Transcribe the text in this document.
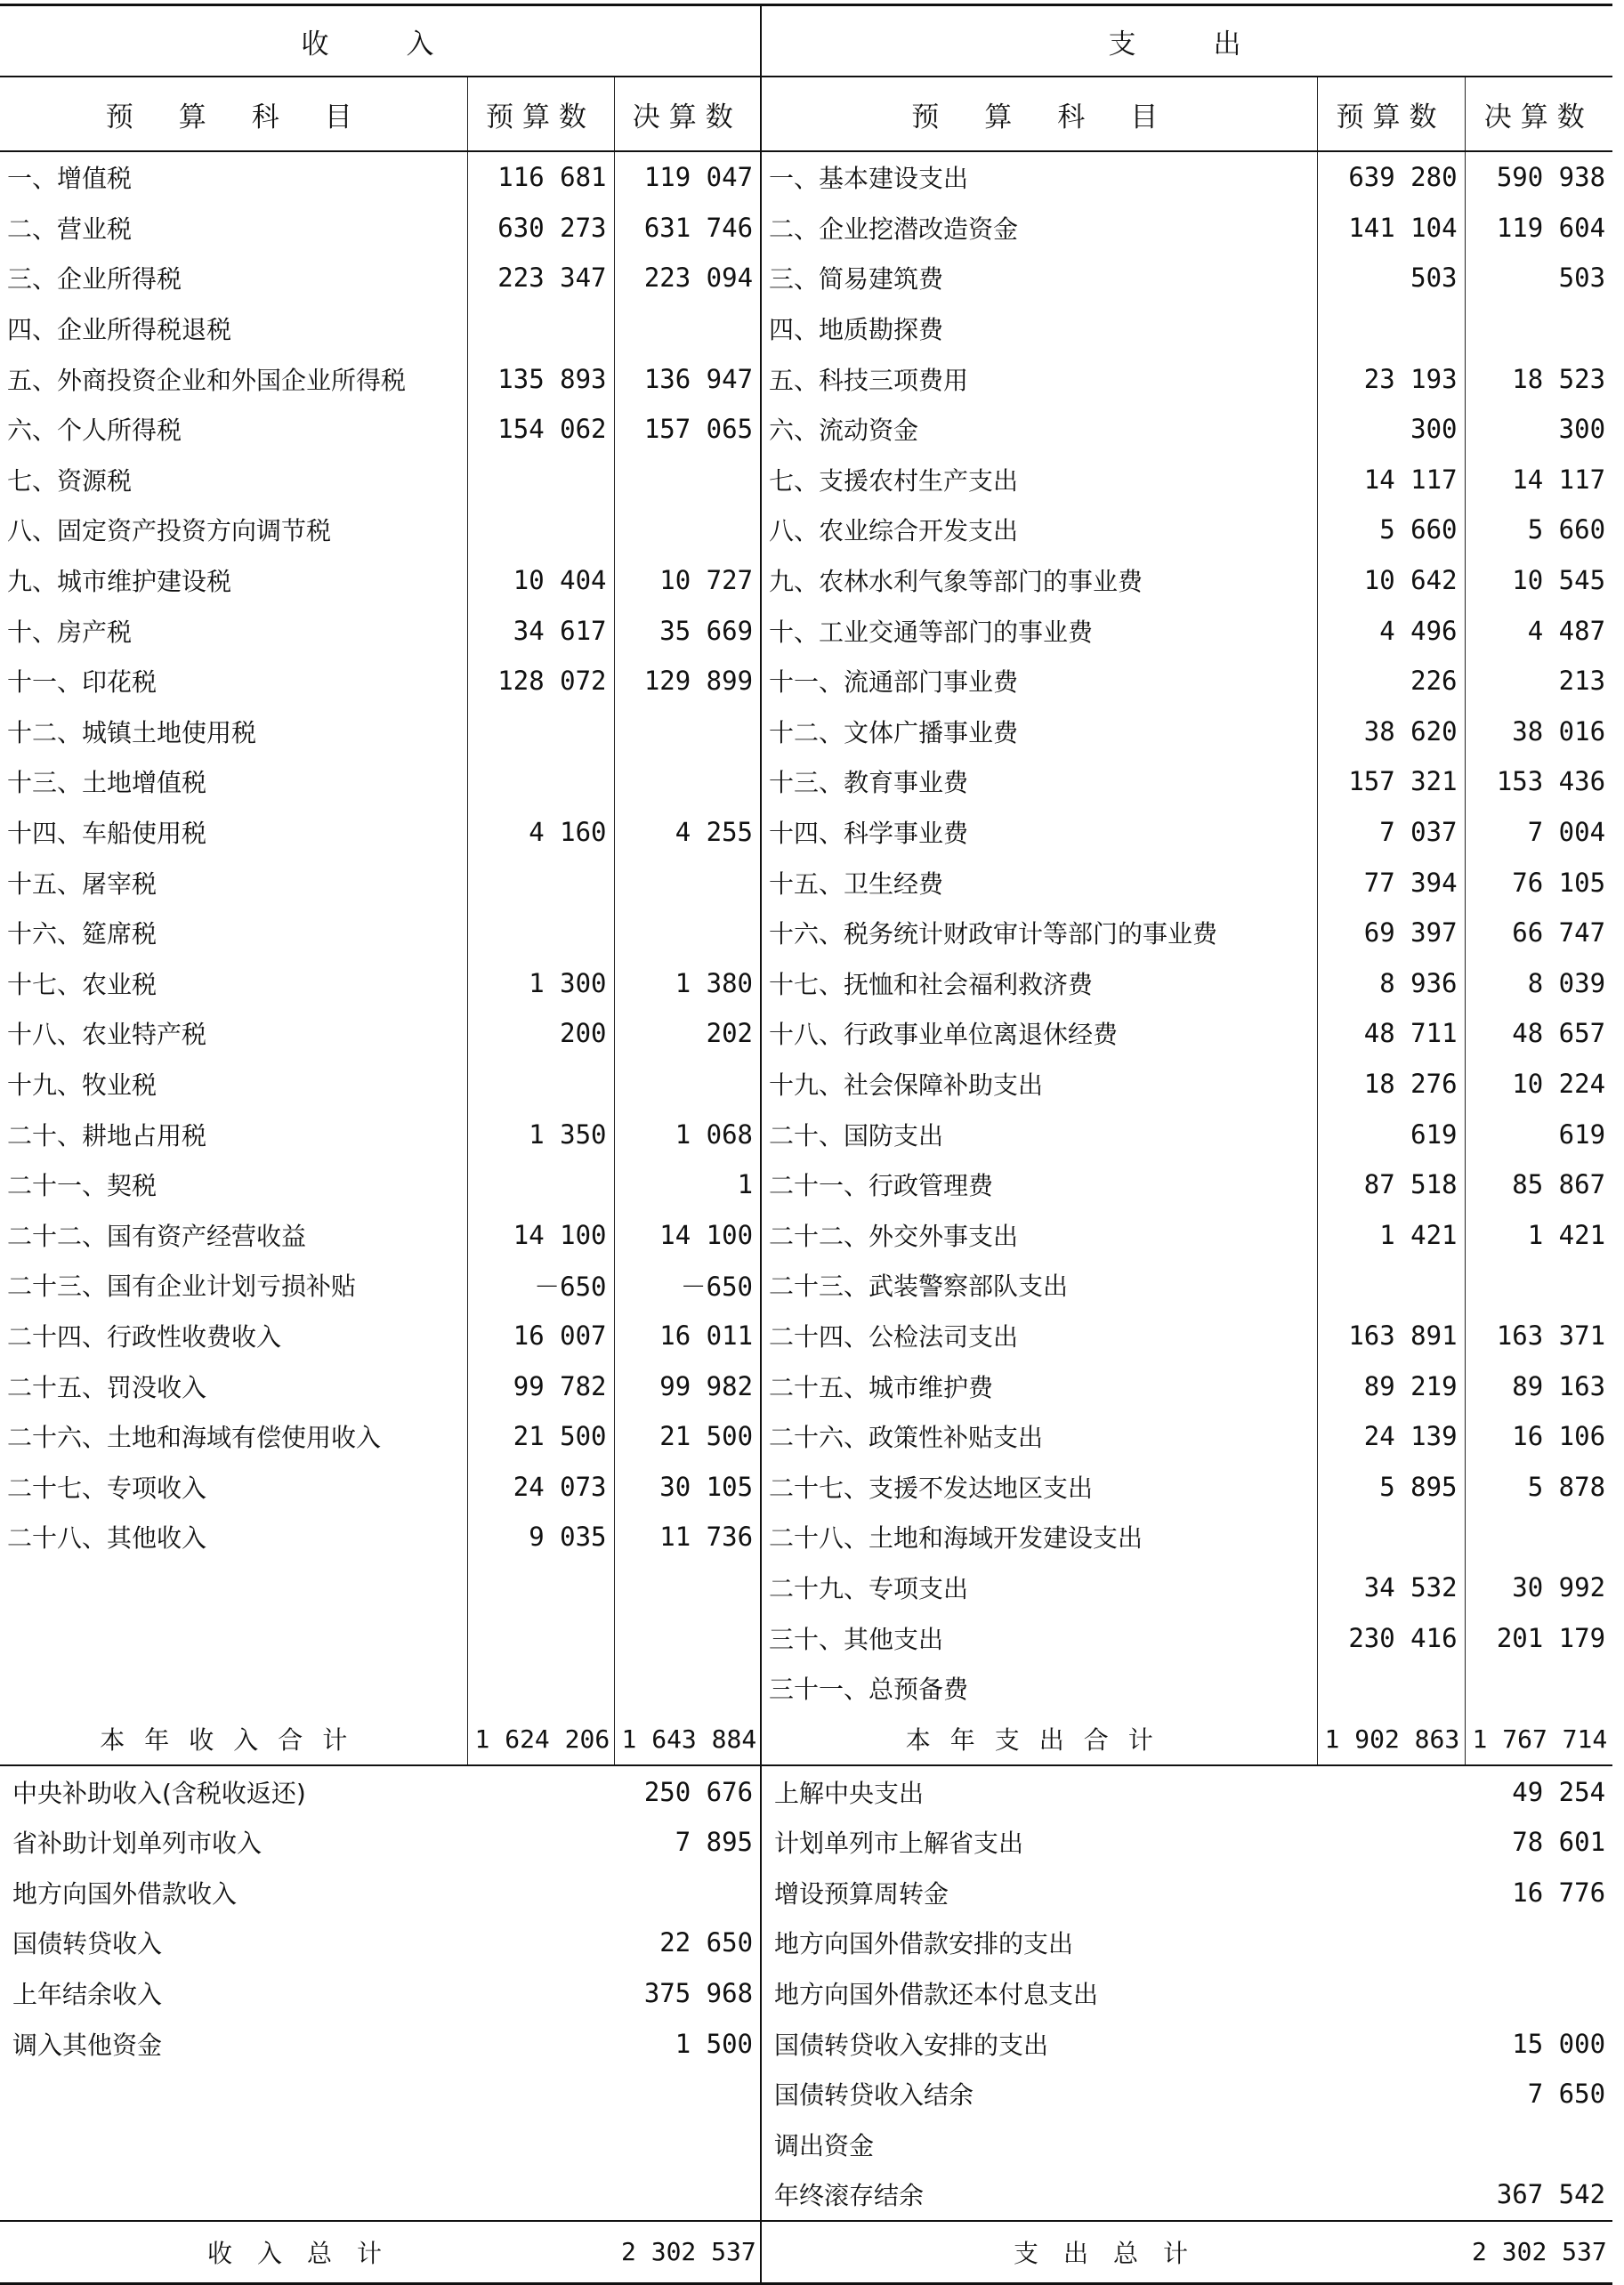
收　入			支　出		
预　算　科　目	预算数	决算数	预　算　科　目	预算数	决算数
一、增值税	116 681	119 047	一、基本建设支出	639 280	590 938
二、营业税	630 273	631 746	二、企业挖潜改造资金	141 104	119 604
三、企业所得税	223 347	223 094	三、简易建筑费	503	503
四、企业所得税退税			四、地质勘探费		
五、外商投资企业和外国企业所得税	135 893	136 947	五、科技三项费用	23 193	18 523
六、个人所得税	154 062	157 065	六、流动资金	300	300
七、资源税			七、支援农村生产支出	14 117	14 117
八、固定资产投资方向调节税			八、农业综合开发支出	5 660	5 660
九、城市维护建设税	10 404	10 727	九、农林水利气象等部门的事业费	10 642	10 545
十、房产税	34 617	35 669	十、工业交通等部门的事业费	4 496	4 487
十一、印花税	128 072	129 899	十一、流通部门事业费	226	213
十二、城镇土地使用税			十二、文体广播事业费	38 620	38 016
十三、土地增值税			十三、教育事业费	157 321	153 436
十四、车船使用税	4 160	4 255	十四、科学事业费	7 037	7 004
十五、屠宰税			十五、卫生经费	77 394	76 105
十六、筵席税			十六、税务统计财政审计等部门的事业费	69 397	66 747
十七、农业税	1 300	1 380	十七、抚恤和社会福利救济费	8 936	8 039
十八、农业特产税	200	202	十八、行政事业单位离退休经费	48 711	48 657
十九、牧业税			十九、社会保障补助支出	18 276	10 224
二十、耕地占用税	1 350	1 068	二十、国防支出	619	619
二十一、契税		1	二十一、行政管理费	87 518	85 867
二十二、国有资产经营收益	14 100	14 100	二十二、外交外事支出	1 421	1 421
二十三、国有企业计划亏损补贴	－650	－650	二十三、武装警察部队支出		
二十四、行政性收费收入	16 007	16 011	二十四、公检法司支出	163 891	163 371
二十五、罚没收入	99 782	99 982	二十五、城市维护费	89 219	89 163
二十六、土地和海域有偿使用收入	21 500	21 500	二十六、政策性补贴支出	24 139	16 106
二十七、专项收入	24 073	30 105	二十七、支援不发达地区支出	5 895	5 878
二十八、其他收入	9 035	11 736	二十八、土地和海域开发建设支出		
			二十九、专项支出	34 532	30 992
			三十、其他支出	230 416	201 179
			三十一、总预备费		
本年收入合计	1 624 206	1 643 884	本年支出合计	1 902 863	1 767 714
中央补助收入(含税收返还)		250 676	上解中央支出		49 254
省补助计划单列市收入		7 895	计划单列市上解省支出		78 601
地方向国外借款收入			增设预算周转金		16 776
国债转贷收入		22 650	地方向国外借款安排的支出		
上年结余收入		375 968	地方向国外借款还本付息支出		
调入其他资金		1 500	国债转贷收入安排的支出		15 000
			国债转贷收入结余		7 650
			调出资金		
			年终滚存结余		367 542
收入总计		2 302 537	支出总计		2 302 537
